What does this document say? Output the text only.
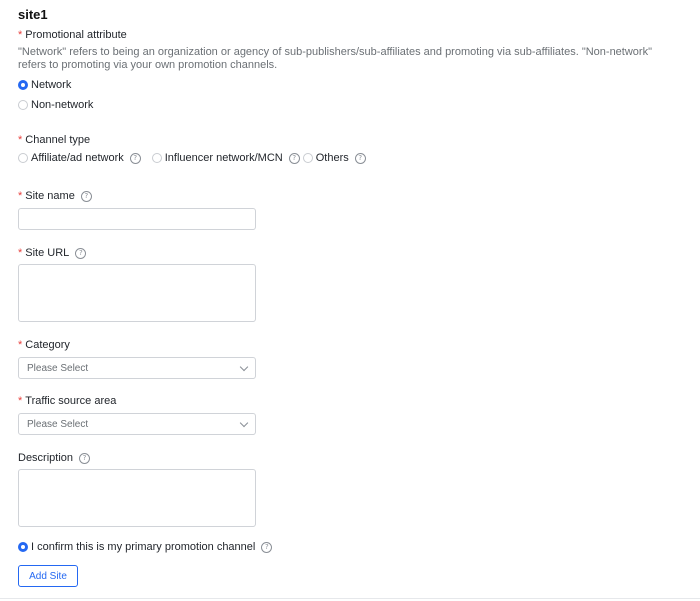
site1
* Promotional attribute
"Network" refers to being an organization or agency of sub-publishers/sub-affiliates and promoting via sub-affiliates. "Non-network" refers to promoting via your own promotion channels.
Network
Non-network
* Channel type
Affiliate/ad network	?	Influencer network/MCN	?	Others	?
* Site name ?
* Site URL ?
* Category
Please Select
* Traffic source area
Please Select
Description ?
I confirm this is my primary promotion channel	?
Add Site
